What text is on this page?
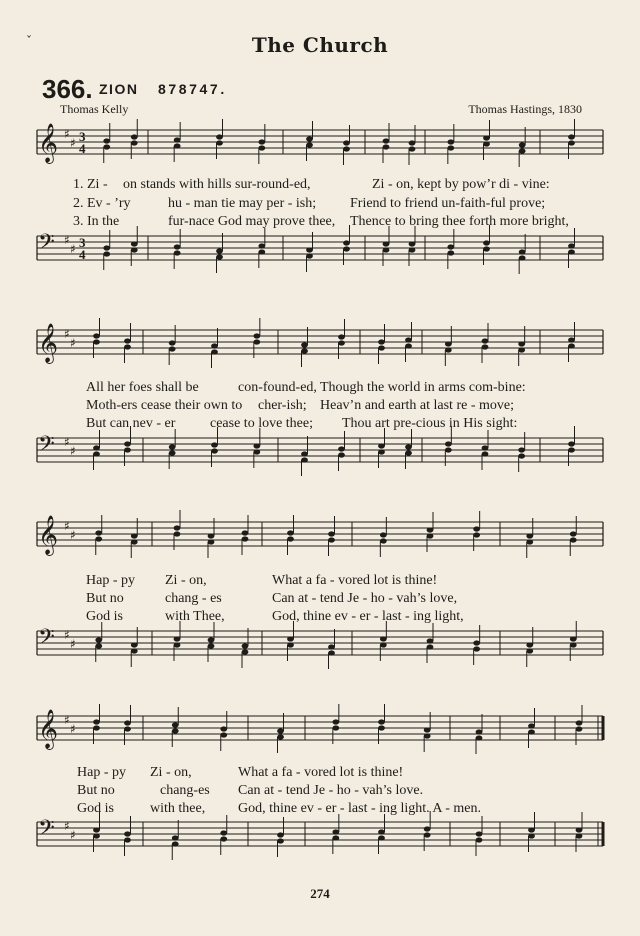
𝄞 ♯
♯
𝄢 ♯
♯
3
3
4
4
𝄞 ♯
♯
𝄢 ♯
♯
𝄞 ♯
♯
𝄢 ♯
♯
𝄞 ♯
♯
𝄢 ♯
♯
ˇ	The Church
366. ZION 878747.
Thomas Kelly	Thomas Hastings, 1830
1. Zi - on stands with hills sur-round-ed,	Zi - on, kept by pow’r di - vine:
2. Ev - ’ry	hu - man tie may per - ish; Friend to friend un-faith-ful prove;
3. In the	fur-nace God may prove thee, Thence to bring thee forth more bright,
All her foes shall be	con-found-ed, Though the world in arms com-bine:
Moth-ers cease their own to cher-ish; Heav’n and earth at last re - move;
But can nev - er cease to love thee; Thou art pre-cious in His sight:
Hap - py Zi - on,	What a fa - vored lot is thine!
But no	chang - es	Can at - tend Je - ho - vah’s love,
God is	with Thee,	God, thine ev - er - last - ing light,
Hap - py Zi - on,	What a fa - vored lot is thine!
But no	chang-es Can at - tend Je - ho - vah’s love.
God is	with thee, God, thine ev - er - last - ing light. A - men.
274
